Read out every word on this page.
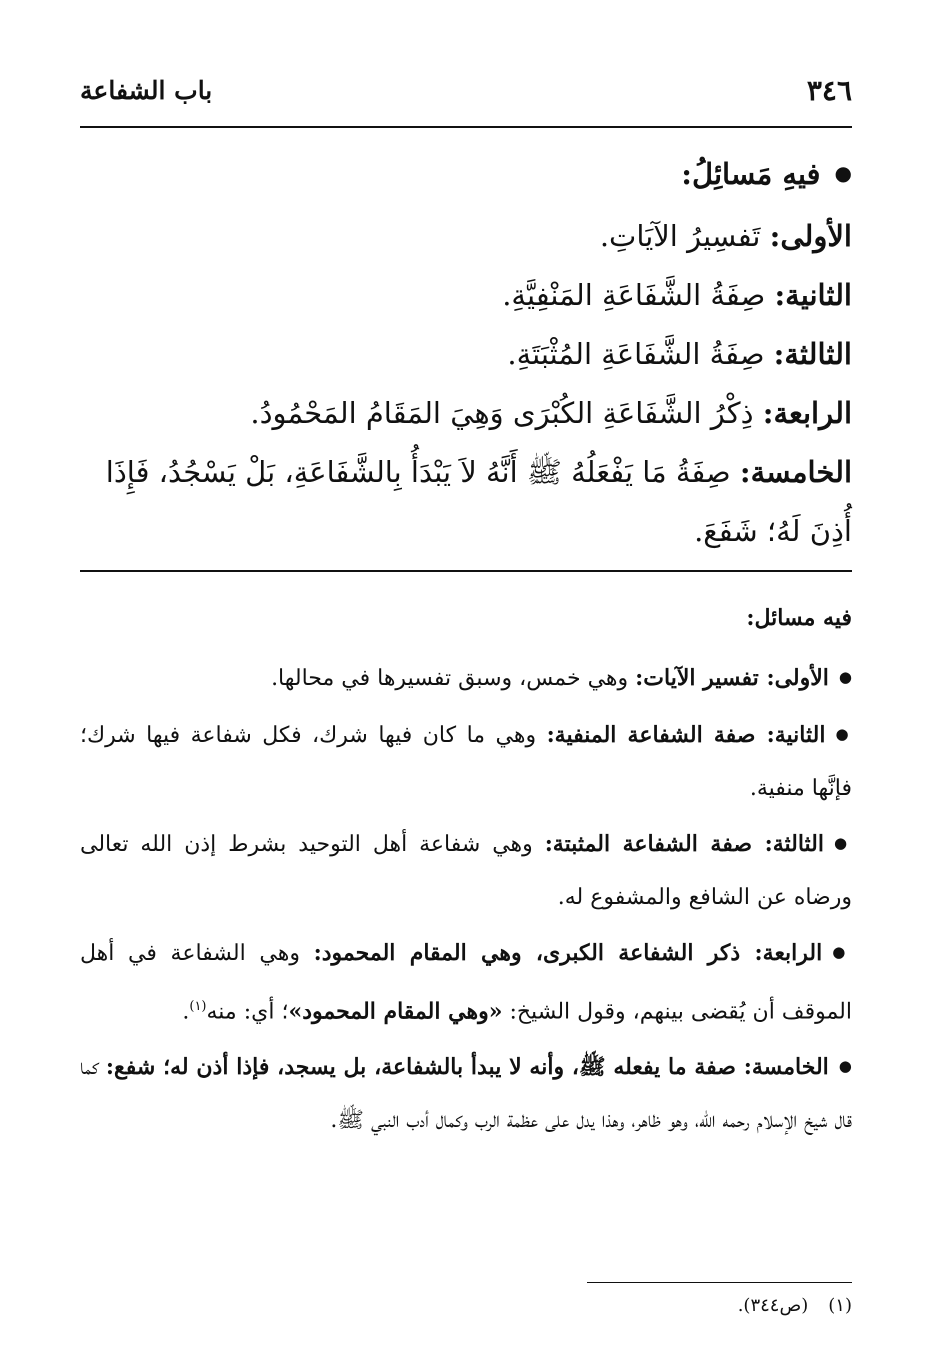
٣٤٦
باب الشفاعة

● فيهِ مَسائِلُ:

الأولى: تَفسِيرُ الآيَاتِ.

الثانية: صِفَةُ الشَّفَاعَةِ المَنْفِيَّةِ.

الثالثة: صِفَةُ الشَّفَاعَةِ المُثْبَتَةِ.

الرابعة: ذِكْرُ الشَّفَاعَةِ الكُبْرَى وَهِيَ المَقَامُ المَحْمُودُ.

الخامسة: صِفَةُ مَا يَفْعَلُهُ ﷺ أَنَّهُ لاَ يَبْدَأُ بِالشَّفَاعَةِ، بَلْ يَسْجُدُ، فَإِذَا أُذِنَ لَهُ؛ شَفَعَ.

فيه مسائل:

● الأولى: تفسير الآيات: وهي خمس، وسبق تفسيرها في محالها.

● الثانية: صفة الشفاعة المنفية: وهي ما كان فيها شرك، فكل شفاعة فيها شرك؛ فإنَّها منفية.

● الثالثة: صفة الشفاعة المثبتة: وهي شفاعة أهل التوحيد بشرط إذن الله تعالى ورضاه عن الشافع والمشفوع له.

● الرابعة: ذكر الشفاعة الكبرى، وهي المقام المحمود: وهي الشفاعة في أهل الموقف أن يُقضى بينهم، وقول الشيخ: «وهي المقام المحمود»؛ أي: منه$^{(١)}$.

● الخامسة: صفة ما يفعله ﷺ، وأنه لا يبدأ بالشفاعة، بل يسجد، فإذا أذن له؛ شفع: كما قال شيخ الإسلام رحمه الله، وهو ظاهر، وهذا يدل على عظمة الرب وكمال أدب النبي ﷺ.

(١)(ص٣٤٤).
